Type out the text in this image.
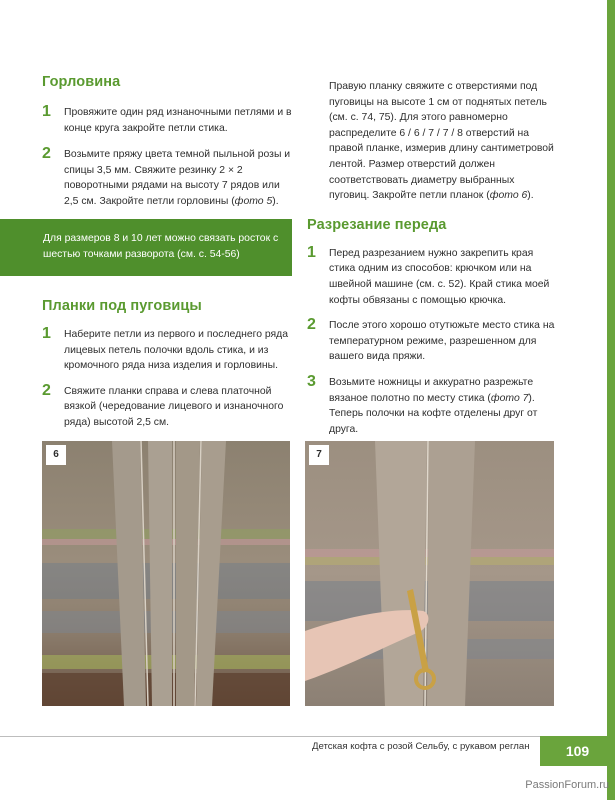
Горловина
1 Провяжите один ряд изнаночными петлями и в конце круга закройте петли стика.

2 Возьмите пряжу цвета темной пыльной розы и спицы 3,5 мм. Свяжите резинку 2 × 2 поворотными рядами на высоту 7 рядов или 2,5 см. Закройте петли горловины (фото 5).

Для размеров 8 и 10 лет можно связать росток с шестью точками разворота (см. с. 54-56)

Планки под пуговицы
1 Наберите петли из первого и последнего ряда лицевых петель полочки вдоль стика, и из кромочного ряда низа изделия и горловины.

2 Свяжите планки справа и слева платочной вязкой (чередование лицевого и изнаночного ряда) высотой 2,5 см.

Правую планку свяжите с отверстиями под пуговицы на высоте 1 см от поднятых петель (см. с. 74, 75). Для этого равномерно распределите 6 / 6 / 7 / 7 / 8 отверстий на правой планке, измерив длину сантиметровой лентой. Размер отверстий должен соответствовать диаметру выбранных пуговиц. Закройте петли планок (фото 6).

Разрезание переда
1 Перед разрезанием нужно закрепить края стика одним из способов: крючком или на швейной машине (см. с. 52). Край стика моей кофты обвязаны с помощью крючка.

2 После этого хорошо отутюжьте место стика на температурном режиме, разрешенном для вашего вида пряжи.

3 Возьмите ножницы и аккуратно разрежьте вязаное полотно по месту стика (фото 7). Теперь полочки на кофте отделены друг от друга.

6	7
Детская кофта с розой Сельбу, с рукавом реглан	109
PassionForum.ru
